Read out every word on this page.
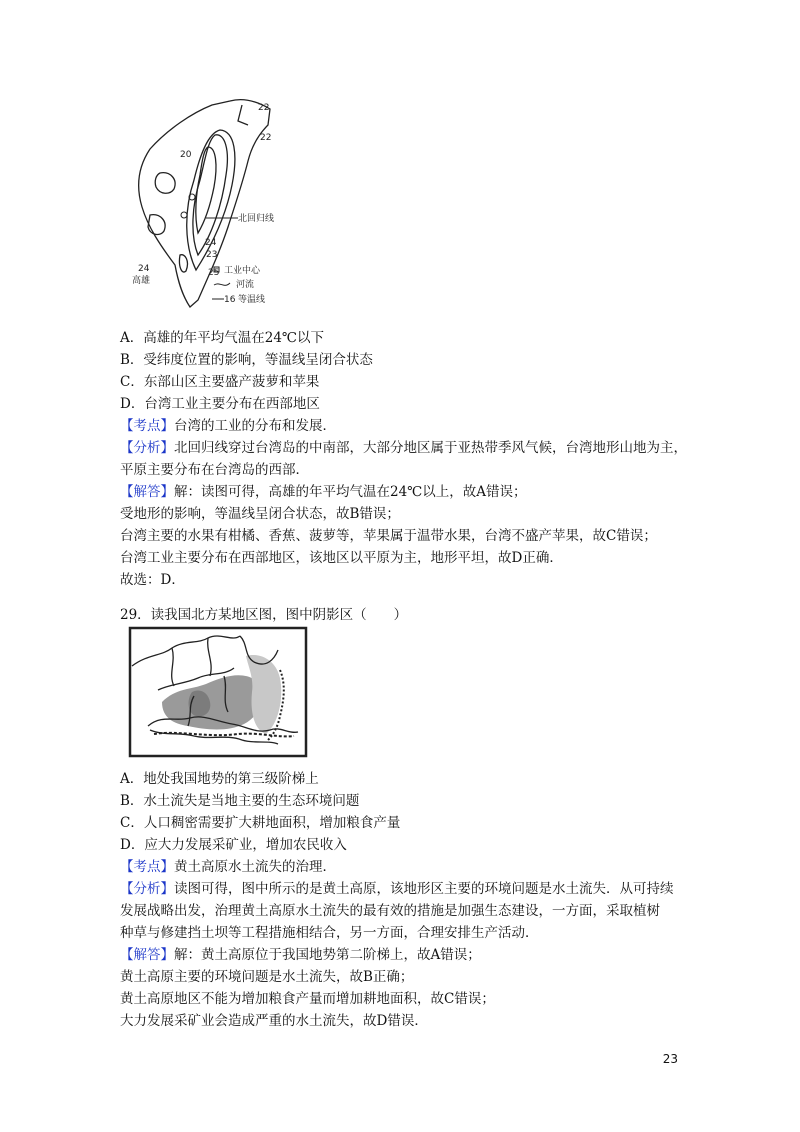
22
22
20
24
23
25
北回归线
24
高雄
工业中心
河流
16 等温线
A．高雄的年平均气温在24℃以下
B．受纬度位置的影响，等温线呈闭合状态
C．东部山区主要盛产菠萝和苹果
D．台湾工业主要分布在西部地区
【考点】台湾的工业的分布和发展．
【分析】北回归线穿过台湾岛的中南部，大部分地区属于亚热带季风气候，台湾地形山地为主，
平原主要分布在台湾岛的西部．
【解答】解：读图可得，高雄的年平均气温在24℃以上，故A错误；
受地形的影响，等温线呈闭合状态，故B错误；
台湾主要的水果有柑橘、香蕉、菠萝等，苹果属于温带水果，台湾不盛产苹果，故C错误；
台湾工业主要分布在西部地区，该地区以平原为主，地形平坦，故D正确．
故选：D．
29．读我国北方某地区图，图中阴影区（　　）
A．地处我国地势的第三级阶梯上
B．水土流失是当地主要的生态环境问题
C．人口稠密需要扩大耕地面积，增加粮食产量
D．应大力发展采矿业，增加农民收入
【考点】黄土高原水土流失的治理．
【分析】读图可得，图中所示的是黄土高原，该地形区主要的环境问题是水土流失．从可持续
发展战略出发，治理黄土高原水土流失的最有效的措施是加强生态建设，一方面，采取植树
种草与修建挡土坝等工程措施相结合，另一方面，合理安排生产活动．
【解答】解：黄土高原位于我国地势第二阶梯上，故A错误；
黄土高原主要的环境问题是水土流失，故B正确；
黄土高原地区不能为增加粮食产量而增加耕地面积，故C错误；
大力发展采矿业会造成严重的水土流失，故D错误．
23
